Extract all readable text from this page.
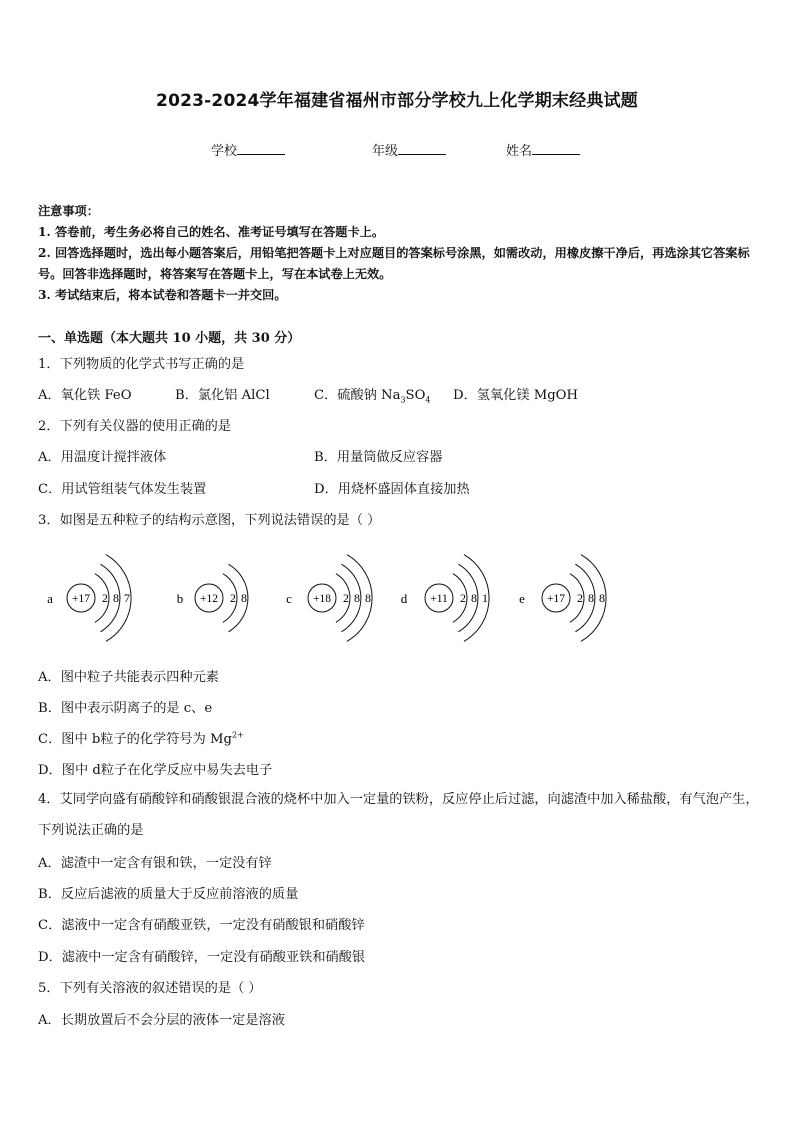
2023-2024学年福建省福州市部分学校九上化学期末经典试题
学校	年级	姓名
注意事项：
1. 答卷前，考生务必将自己的姓名、准考证号填写在答题卡上。
2. 回答选择题时，选出每小题答案后，用铅笔把答题卡上对应题目的答案标号涂黑，如需改动，用橡皮擦干净后，再选涂其它答案标号。回答非选择题时，将答案写在答题卡上，写在本试卷上无效。
3. 考试结束后，将本试卷和答题卡一并交回。
一、单选题（本大题共 10 小题，共 30 分）
1．下列物质的化学式书写正确的是
A．氧化铁 FeO	B．氯化铝 AlCl	C．硫酸钠 $Na_3SO_4$ D．氢氧化镁 MgOH
2．下列有关仪器的使用正确的是
A．用温度计搅拌液体	B．用量筒做反应容器
C．用试管组装气体发生装置	D．用烧杯盛固体直接加热
3．如图是五种粒子的结构示意图，下列说法错误的是（ ）
a +17 2 8 7	b +12 2 8	c +18 2 8 8 d +11 2 8 1 e +17 2 8 8
A．图中粒子共能表示四种元素
B．图中表示阴离子的是 c、e
C．图中 b粒子的化学符号为 $Mg^{2+}$
D．图中 d粒子在化学反应中易失去电子
4．艾同学向盛有硝酸锌和硝酸银混合液的烧杯中加入一定量的铁粉，反应停止后过滤，向滤渣中加入稀盐酸，有气泡产生，下列说法正确的是
A．滤渣中一定含有银和铁，一定没有锌
B．反应后滤液的质量大于反应前溶液的质量
C．滤液中一定含有硝酸亚铁，一定没有硝酸银和硝酸锌
D．滤液中一定含有硝酸锌，一定没有硝酸亚铁和硝酸银
5．下列有关溶液的叙述错误的是（ ）
A．长期放置后不会分层的液体一定是溶液
